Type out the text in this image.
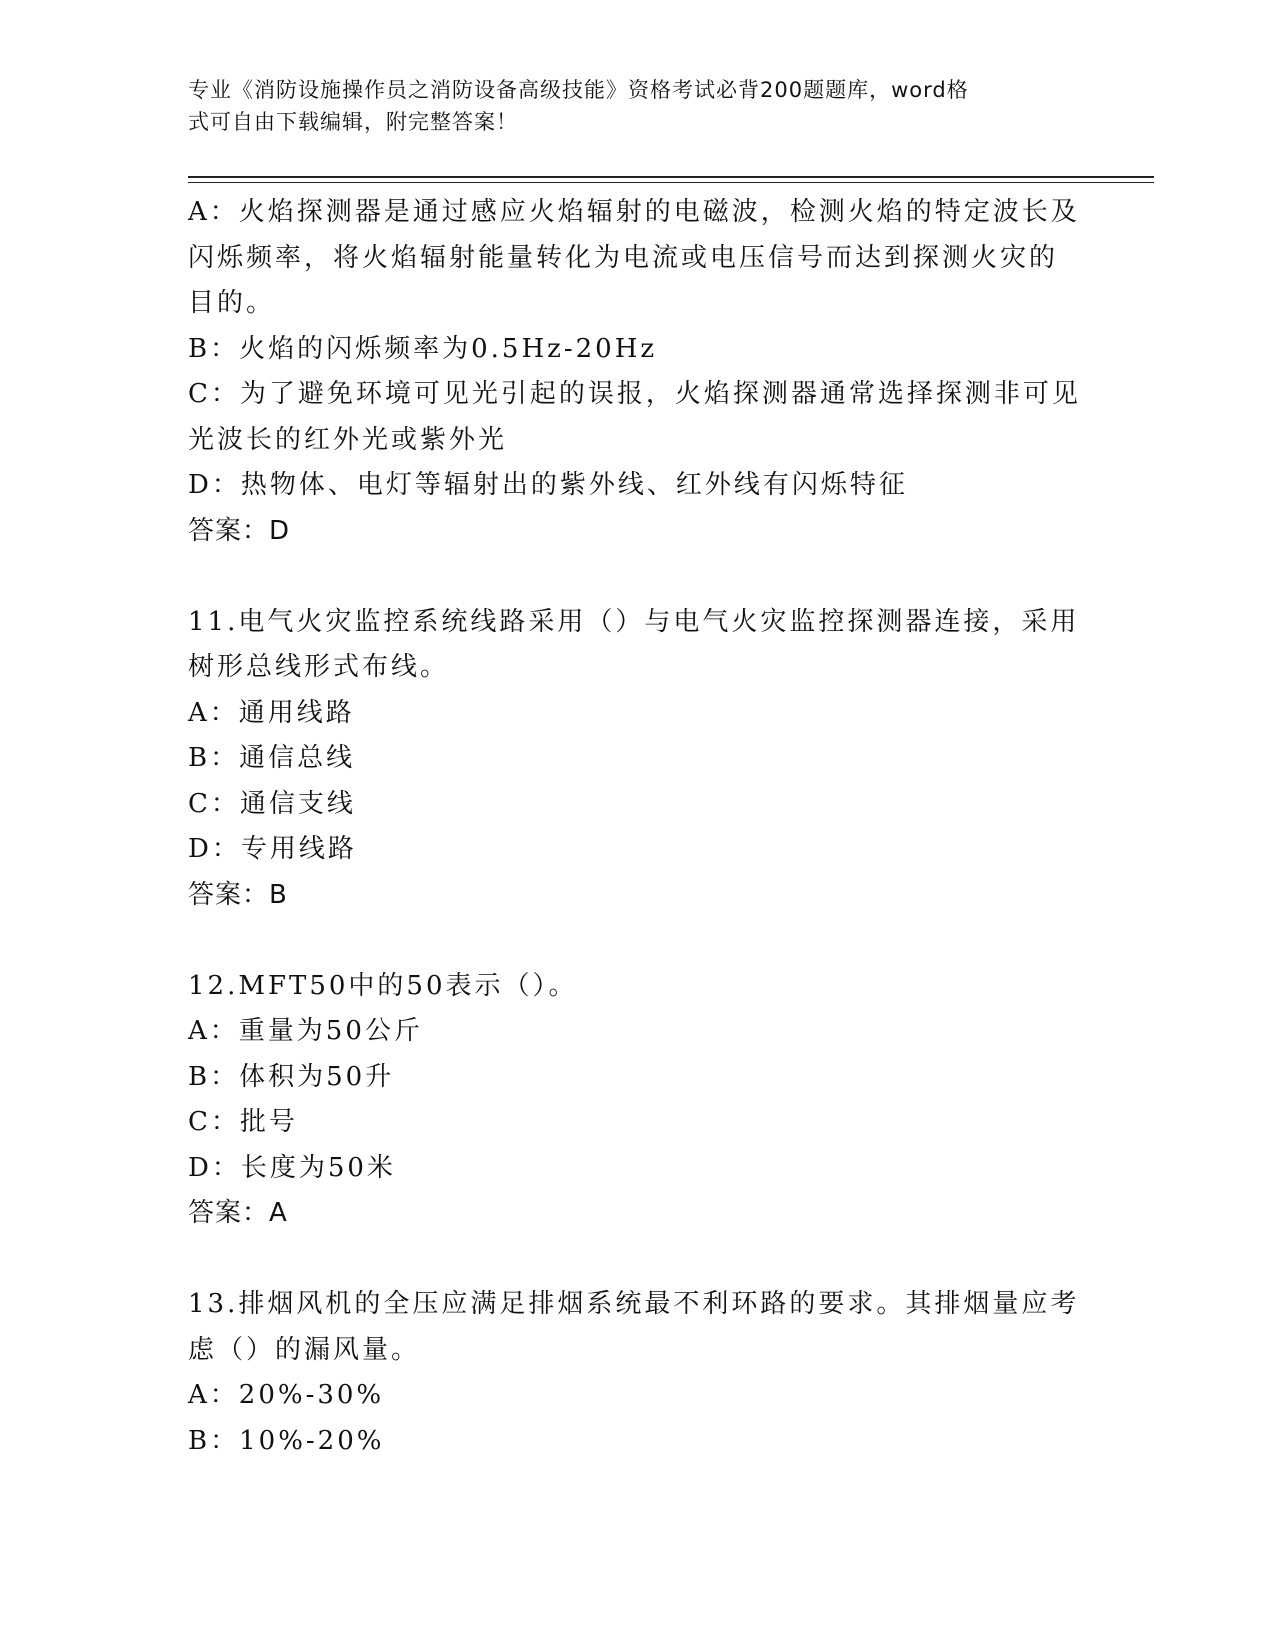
专业《消防设施操作员之消防设备高级技能》资格考试必背200题题库，word格
式可自由下载编辑，附完整答案！
A：火焰探测器是通过感应火焰辐射的电磁波，检测火焰的特定波长及
闪烁频率，将火焰辐射能量转化为电流或电压信号而达到探测火灾的
目的。
B：火焰的闪烁频率为0.5Hz-20Hz
C：为了避免环境可见光引起的误报，火焰探测器通常选择探测非可见
光波长的红外光或紫外光
D：热物体、电灯等辐射出的紫外线、红外线有闪烁特征
答案：D
11.电气火灾监控系统线路采用（）与电气火灾监控探测器连接，采用
树形总线形式布线。
A：通用线路
B：通信总线
C：通信支线
D：专用线路
答案：B
12.MFT50中的50表示（）。
A：重量为50公斤
B：体积为50升
C：批号
D：长度为50米
答案：A
13.排烟风机的全压应满足排烟系统最不利环路的要求。其排烟量应考
虑（）的漏风量。
A：20%-30%
B：10%-20%
